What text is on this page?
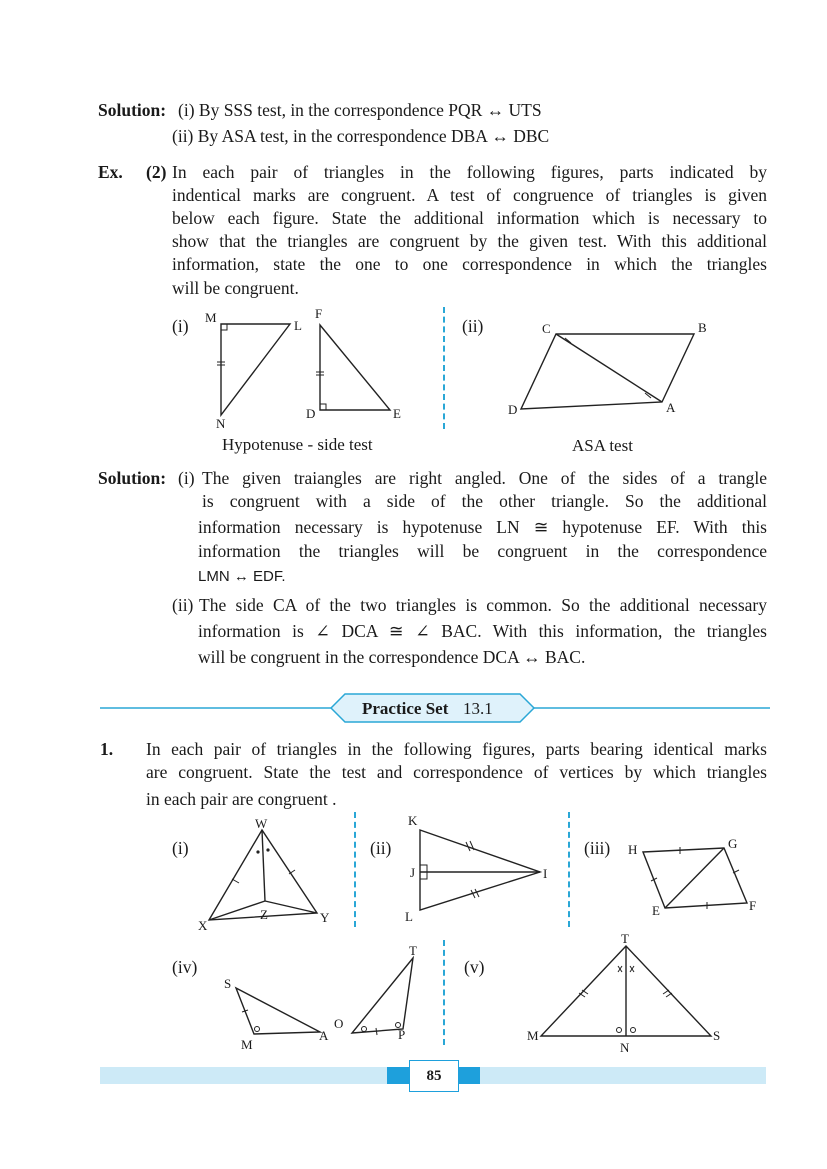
Solution: (i) By SSS test, in the correspondence PQR ↔ UTS
(ii) By ASA test, in the correspondence DBA ↔ DBC
Ex. (2) In each pair of triangles in the following figures, parts indicated by
indentical marks are congruent. A test of congruence of triangles is given
below each figure. State the additional information which is necessary to
show that the triangles are congruent by the given test. With this additional
information, state the one to one correspondence in which the triangles
will be congruent.
(i) M
L
N
F
D	E
Hypotenuse - side test
(ii)	C	B
D	A
ASA test
Solution: (i) The given traiangles are right angled. One of the sides of a trangle
is congruent with a side of the other triangle. So the additional
information necessary is hypotenuse LN ≅ hypotenuse EF. With this
information the triangles will be congruent in the correspondence
LMN ↔ EDF.
(ii) The side CA of the two triangles is common. So the additional necessary
information is ∠ DCA ≅ ∠ BAC. With this information, the triangles
will be congruent in the correspondence DCA ↔ BAC.
Practice Set 13.1
1. In each pair of triangles in the following figures, parts bearing identical marks
are congruent. State the test and correspondence of vertices by which triangles
in each pair are congruent .
(i)
W
X
Y
Z
(ii)
K
J	I
L
(iii) H	G
E	F
(iv)
S
M
A
T
O
P
(v)
T
M
N
S
85
